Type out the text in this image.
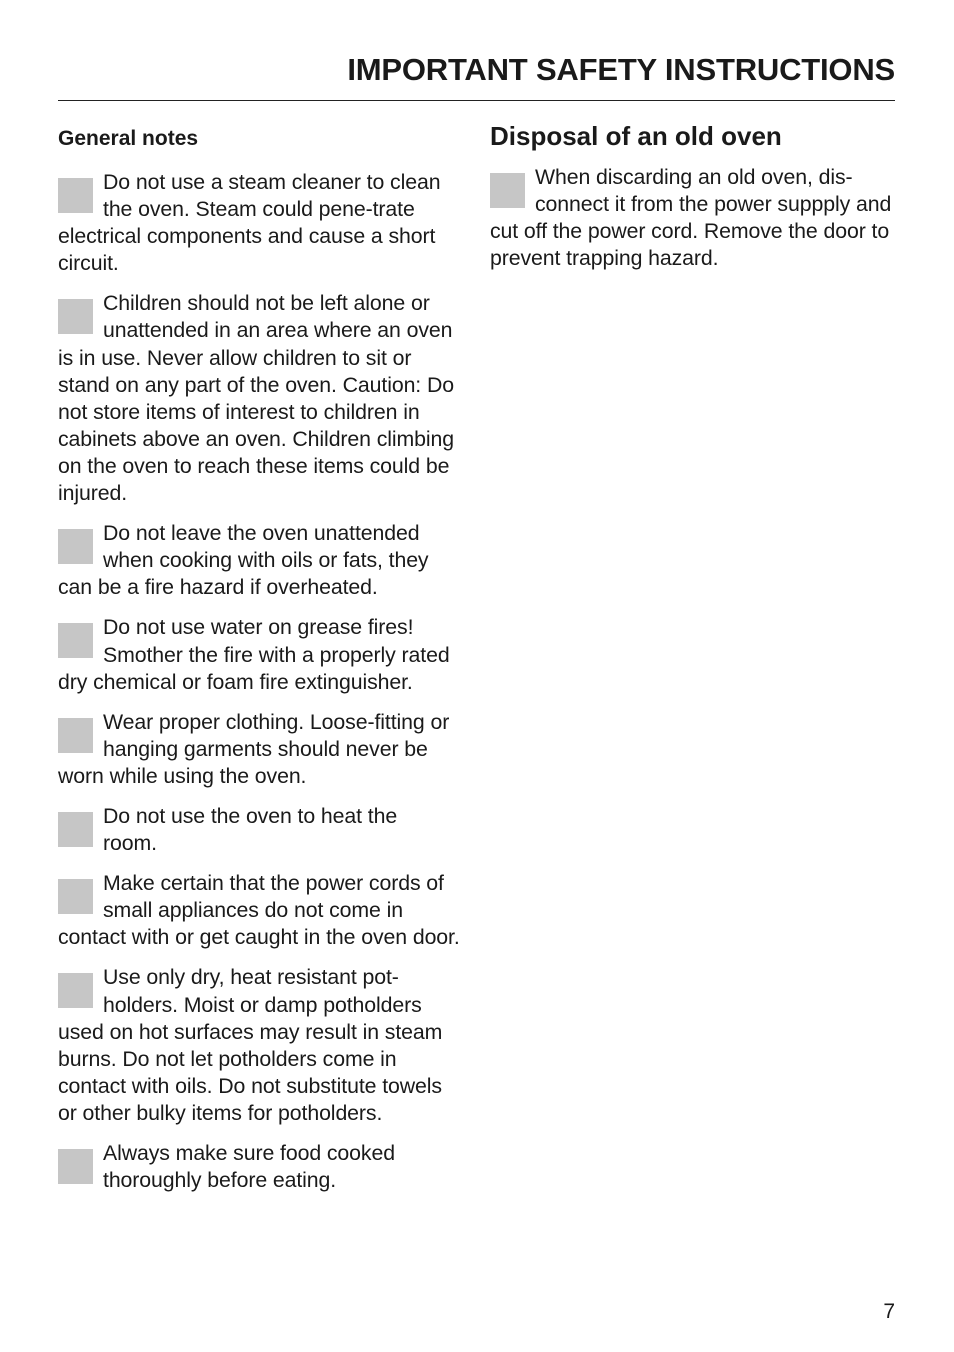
IMPORTANT SAFETY INSTRUCTIONS
General notes

Do not use a steam cleaner to clean the oven. Steam could pene-trate electrical components and cause a short circuit.

Children should not be left alone or unattended in an area where an oven is in use. Never allow children to sit or stand on any part of the oven. Caution: Do not store items of interest to children in cabinets above an oven. Children climbing on the oven to reach these items could be injured.

Do not leave the oven unattended when cooking with oils or fats, they can be a fire hazard if overheated.

Do not use water on grease fires! Smother the fire with a properly rated dry chemical or foam fire extinguisher.

Wear proper clothing. Loose-fitting or hanging garments should never be worn while using the oven.

Do not use the oven to heat the room.

Make certain that the power cords of small appliances do not come in contact with or get caught in the oven door.

Use only dry, heat resistant pot-holders. Moist or damp potholders used on hot surfaces may result in steam burns. Do not let potholders come in contact with oils. Do not substitute towels or other bulky items for potholders.

Always make sure food cooked thoroughly before eating.

Disposal of an old oven

When discarding an old oven, dis-connect it from the power suppply and cut off the power cord. Remove the door to prevent trapping hazard.

7
